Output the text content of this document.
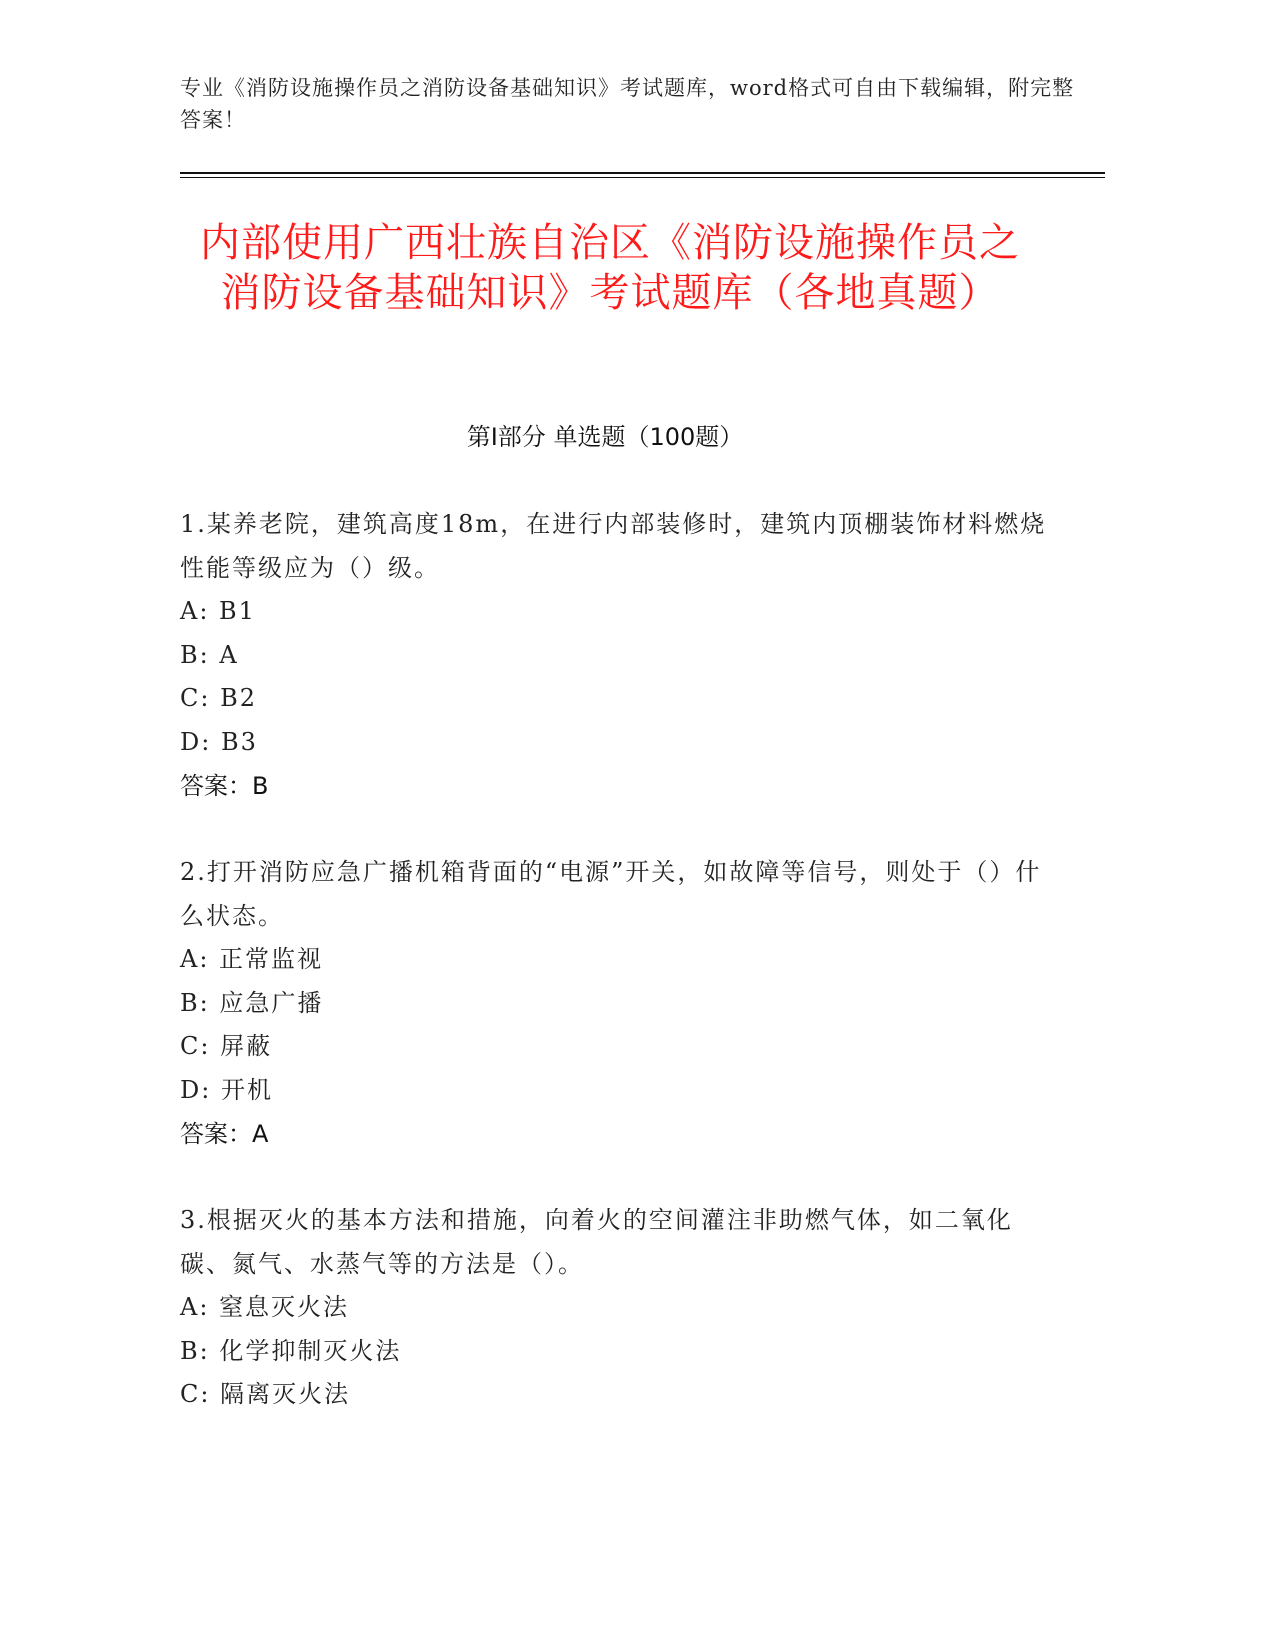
专业《消防设施操作员之消防设备基础知识》考试题库，word格式可自由下载编辑，附完整答案！
内部使用广西壮族自治区《消防设施操作员之消防设备基础知识》考试题库（各地真题）
第I部分 单选题（100题）

1.某养老院，建筑高度18m，在进行内部装修时，建筑内顶棚装饰材料燃烧性能等级应为（）级。

A: B1

B: A

C: B2

D: B3

答案：B

2.打开消防应急广播机箱背面的“电源”开关，如故障等信号，则处于（）什么状态。

A: 正常监视

B: 应急广播

C: 屏蔽

D: 开机

答案：A

3.根据灭火的基本方法和措施，向着火的空间灌注非助燃气体，如二氧化碳、氮气、水蒸气等的方法是（）。

A: 窒息灭火法

B: 化学抑制灭火法

C: 隔离灭火法
